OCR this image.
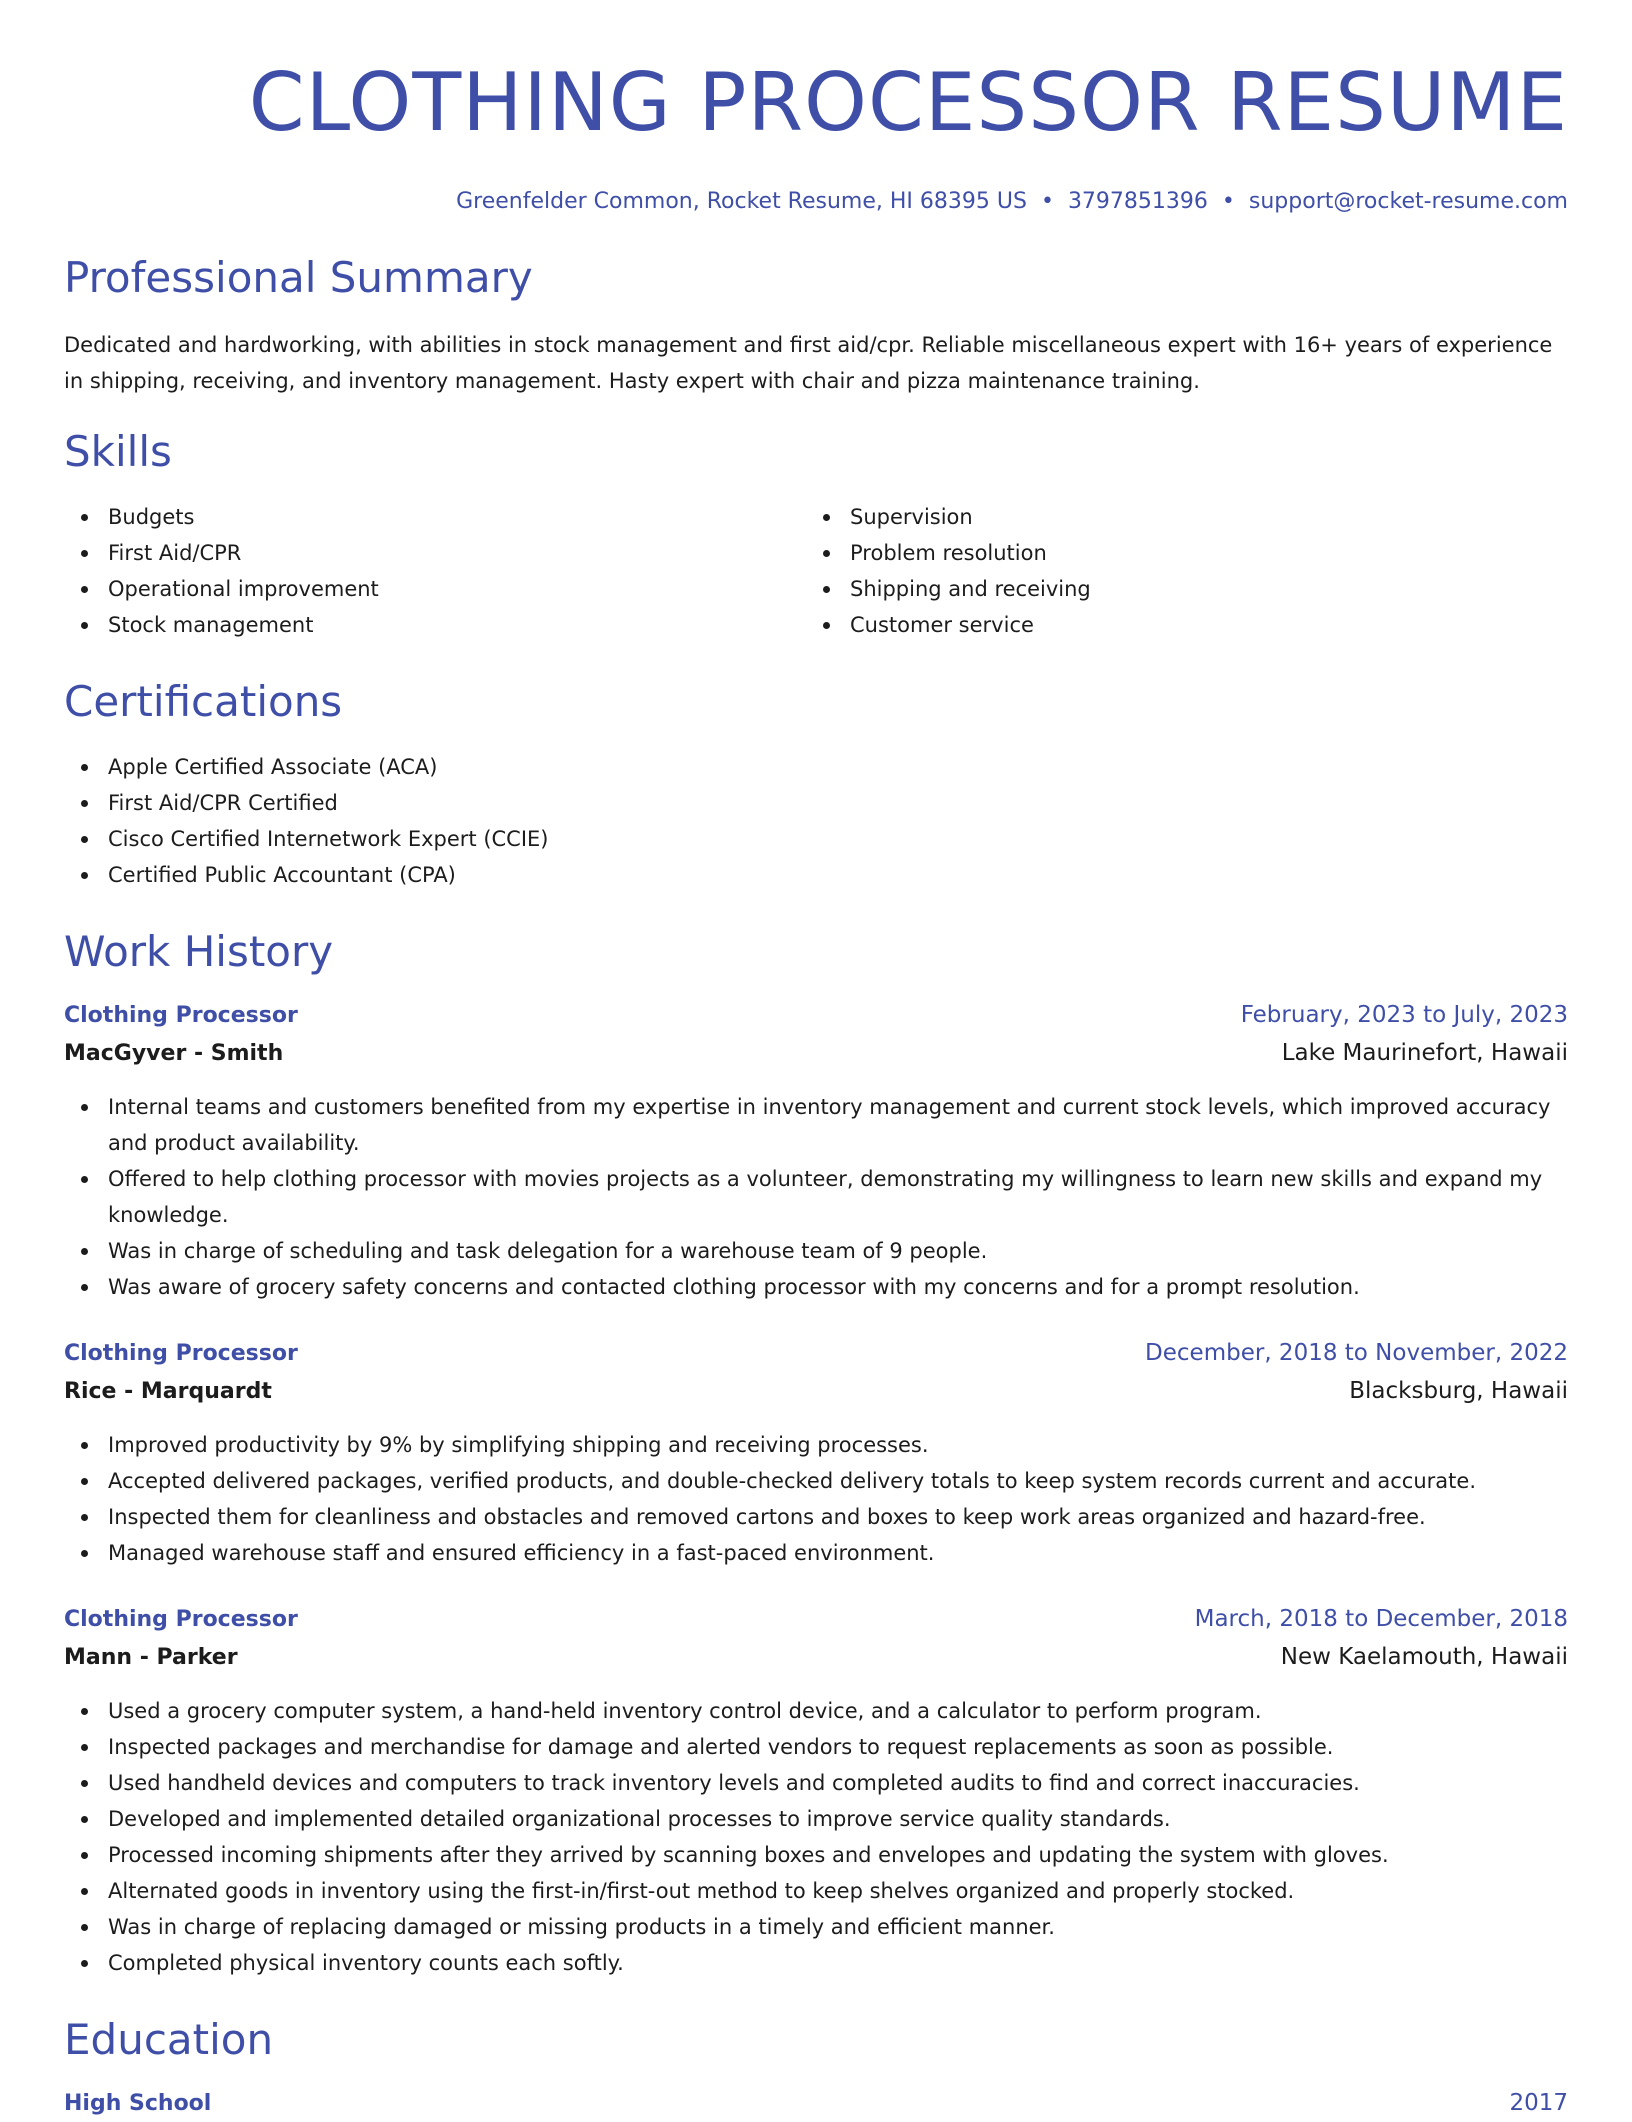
CLOTHING PROCESSOR RESUME
Greenfelder Common, Rocket Resume, HI 68395 US • 3797851396 • support@rocket-resume.com
Professional Summary

Dedicated and hardworking, with abilities in stock management and first aid/cpr. Reliable miscellaneous expert with 16+ years of experience in shipping, receiving, and inventory management. Hasty expert with chair and pizza maintenance training.

Skills
Budgets
First Aid/CPR
Operational improvement
Stock management
Supervision
Problem resolution
Shipping and receiving
Customer service
Certifications
Apple Certified Associate (ACA)
First Aid/CPR Certified
Cisco Certified Internetwork Expert (CCIE)
Certified Public Accountant (CPA)
Work History
Clothing Processor	February, 2023 to July, 2023
MacGyver - Smith	Lake Maurinefort, Hawaii
Internal teams and customers benefited from my expertise in inventory management and current stock levels, which improved accuracy and product availability.
Offered to help clothing processor with movies projects as a volunteer, demonstrating my willingness to learn new skills and expand my knowledge.
Was in charge of scheduling and task delegation for a warehouse team of 9 people.
Was aware of grocery safety concerns and contacted clothing processor with my concerns and for a prompt resolution.
Clothing Processor	December, 2018 to November, 2022
Rice - Marquardt	Blacksburg, Hawaii
Improved productivity by 9% by simplifying shipping and receiving processes.
Accepted delivered packages, verified products, and double-checked delivery totals to keep system records current and accurate.
Inspected them for cleanliness and obstacles and removed cartons and boxes to keep work areas organized and hazard-free.
Managed warehouse staff and ensured efficiency in a fast-paced environment.
Clothing Processor	March, 2018 to December, 2018
Mann - Parker	New Kaelamouth, Hawaii
Used a grocery computer system, a hand-held inventory control device, and a calculator to perform program.
Inspected packages and merchandise for damage and alerted vendors to request replacements as soon as possible.
Used handheld devices and computers to track inventory levels and completed audits to find and correct inaccuracies.
Developed and implemented detailed organizational processes to improve service quality standards.
Processed incoming shipments after they arrived by scanning boxes and envelopes and updating the system with gloves.
Alternated goods in inventory using the first-in/first-out method to keep shelves organized and properly stocked.
Was in charge of replacing damaged or missing products in a timely and efficient manner.
Completed physical inventory counts each softly.
Education
High School	2017
